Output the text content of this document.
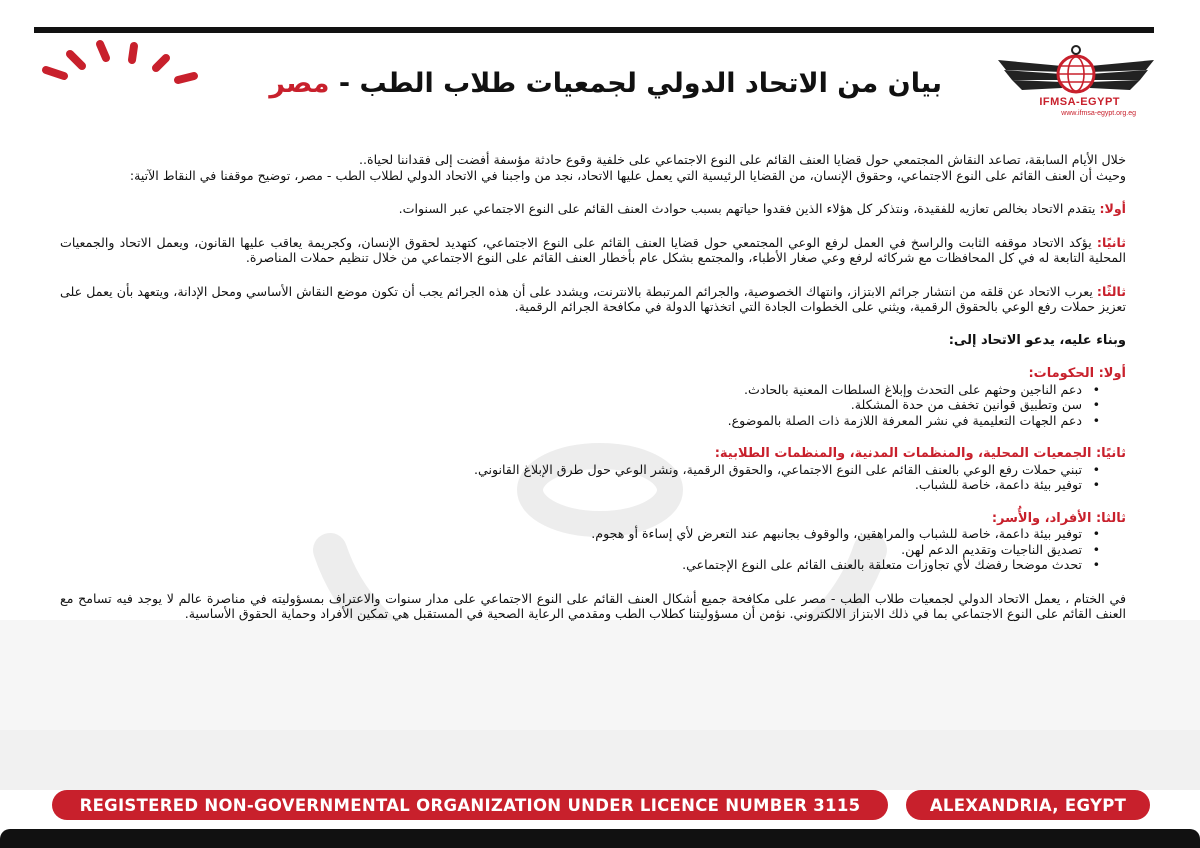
بيان من الاتحاد الدولي لجمعيات طلاب الطب - مصر
IFMSA-EGYPT
www.ifmsa-egypt.org.eg

خلال الأيام السابقة، تصاعد النقاش المجتمعي حول قضايا العنف القائم على النوع الاجتماعي على خلفية وقوع حادثة مؤسفة أفضت إلى فقداننا لحياة..

وحيث أن العنف القائم على النوع الاجتماعي، وحقوق الإنسان، من القضايا الرئيسية التي يعمل عليها الاتحاد، نجد من واجبنا في الاتحاد الدولي لطلاب الطب - مصر، توضيح موقفنا في النقاط الآتية:

أولا: يتقدم الاتحاد بخالص تعازيه للفقيدة، ونتذكر كل هؤلاء الذين فقدوا حياتهم بسبب حوادث العنف القائم على النوع الاجتماعي عبر السنوات.

ثانيًا: يؤكد الاتحاد موقفه الثابت والراسخ في العمل لرفع الوعي المجتمعي حول قضايا العنف القائم على النوع الاجتماعي، كتهديد لحقوق الإنسان، وكجريمة يعاقب عليها القانون، ويعمل الاتحاد والجمعيات المحلية التابعة له في كل المحافظات مع شركائه لرفع وعي صغار الأطباء، والمجتمع بشكل عام بأخطار العنف القائم على النوع الاجتماعي من خلال تنظيم حملات المناصرة.

ثالثًا: يعرب الاتحاد عن قلقه من انتشار جرائم الابتزاز، وانتهاك الخصوصية، والجرائم المرتبطة بالانترنت، ويشدد على أن هذه الجرائم يجب أن تكون موضع النقاش الأساسي ومحل الإدانة، ويتعهد بأن يعمل على تعزيز حملات رفع الوعي بالحقوق الرقمية، ويثني على الخطوات الجادة التي اتخذتها الدولة في مكافحة الجرائم الرقمية.

وبناء عليه، يدعو الاتحاد إلى:

أولا: الحكومات:

• دعم الناجين وحثهم على التحدث وإبلاغ السلطات المعنية بالحادث.
• سن وتطبيق قوانين تخفف من حدة المشكلة.
• دعم الجهات التعليمية في نشر المعرفة اللازمة ذات الصلة بالموضوع.

ثانيًا: الجمعيات المحلية، والمنظمات المدنية، والمنظمات الطلابية:

• تبني حملات رفع الوعي بالعنف القائم على النوع الاجتماعي، والحقوق الرقمية، ونشر الوعي حول طرق الإبلاغ القانوني.
• توفير بيئة داعمة، خاصة للشباب.

ثالثا: الأفراد، والأُسر:

• توفير بيئة داعمة، خاصة للشباب والمراهقين، والوقوف بجانبهم عند التعرض لأي إساءة أو هجوم.
• تصديق الناجيات وتقديم الدعم لهن.
• تحدث موضحا رفضك لأي تجاوزات متعلقة بالعنف القائم على النوع الإجتماعي.

في الختام ، يعمل الاتحاد الدولي لجمعيات طلاب الطب - مصر على مكافحة جميع أشكال العنف القائم على النوع الاجتماعي على مدار سنوات والاعتراف بمسؤوليته في مناصرة عالم لا يوجد فيه تسامح مع العنف القائم على النوع الاجتماعي بما في ذلك الابتزاز الالكتروني. نؤمن أن مسؤوليتنا كطلاب الطب ومقدمي الرعاية الصحية في المستقبل هي تمكين الأفراد وحماية الحقوق الأساسية.

REGISTERED NON-GOVERNMENTAL ORGANIZATION UNDER LICENCE NUMBER 3115	ALEXANDRIA, EGYPT
